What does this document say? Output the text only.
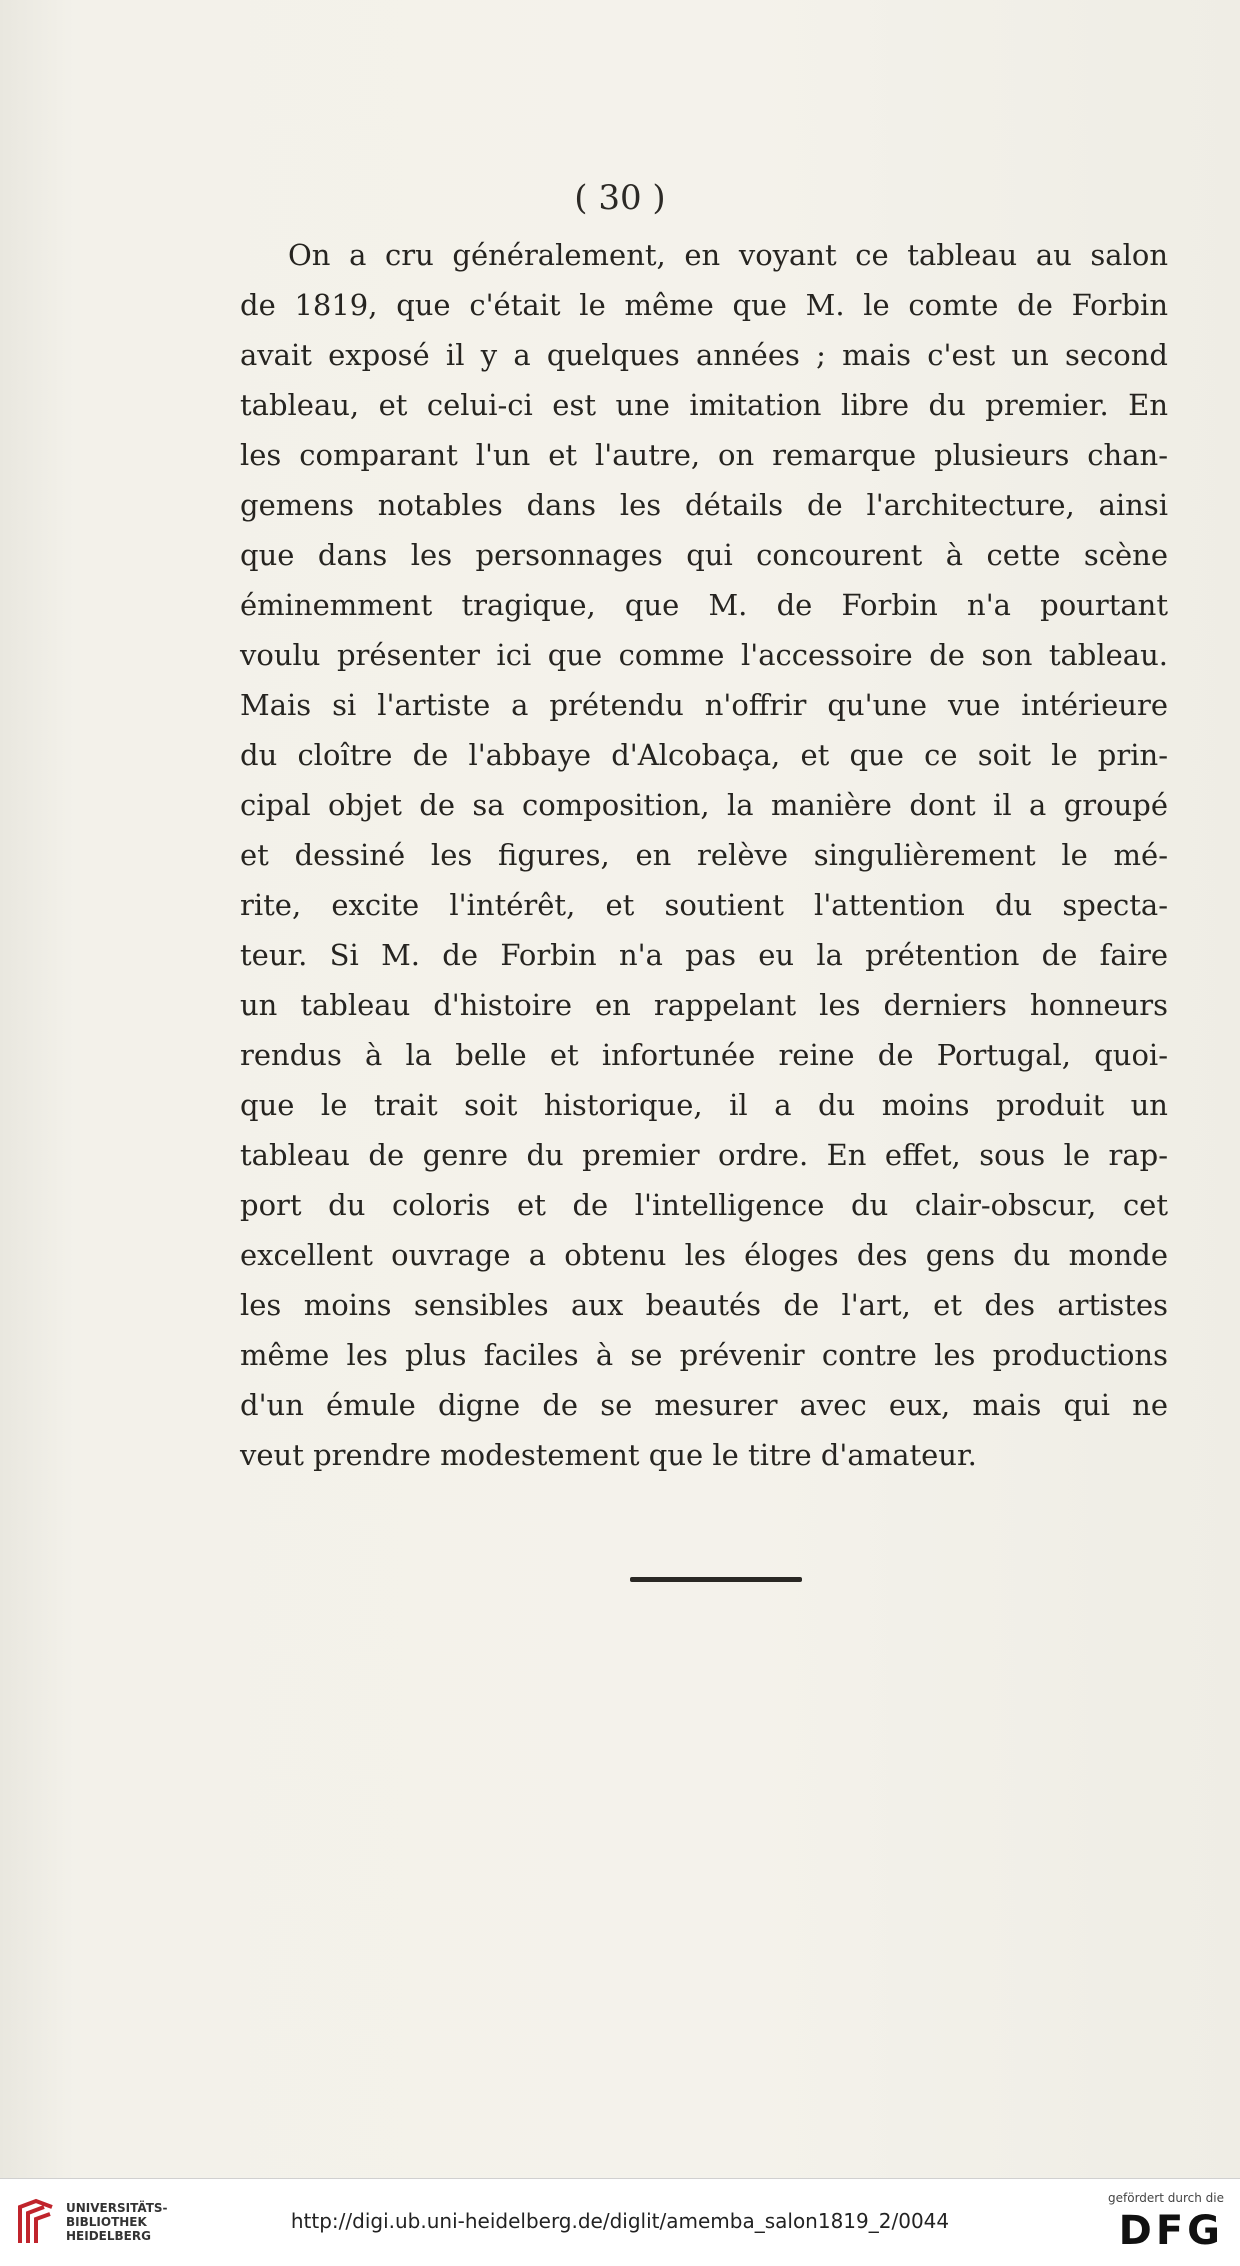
( 30 )
On a cru généralement, en voyant ce tableau au salon
de 1819, que c'était le même que M. le comte de Forbin
avait exposé il y a quelques années ; mais c'est un second
tableau, et celui-ci est une imitation libre du premier. En
les comparant l'un et l'autre, on remarque plusieurs chan-
gemens notables dans les détails de l'architecture, ainsi
que dans les personnages qui concourent à cette scène
éminemment tragique, que M. de Forbin n'a pourtant
voulu présenter ici que comme l'accessoire de son tableau.
Mais si l'artiste a prétendu n'offrir qu'une vue intérieure
du cloître de l'abbaye d'Alcobaça, et que ce soit le prin-
cipal objet de sa composition, la manière dont il a groupé
et dessiné les figures, en relève singulièrement le mé-
rite, excite l'intérêt, et soutient l'attention du specta-
teur. Si M. de Forbin n'a pas eu la prétention de faire
un tableau d'histoire en rappelant les derniers honneurs
rendus à la belle et infortunée reine de Portugal, quoi-
que le trait soit historique, il a du moins produit un
tableau de genre du premier ordre. En effet, sous le rap-
port du coloris et de l'intelligence du clair-obscur, cet
excellent ouvrage a obtenu les éloges des gens du monde
les moins sensibles aux beautés de l'art, et des artistes
même les plus faciles à se prévenir contre les productions
d'un émule digne de se mesurer avec eux, mais qui ne
veut prendre modestement que le titre d'amateur.
UNIVERSITÄTS-
BIBLIOTHEK
HEIDELBERG
http://digi.ub.uni-heidelberg.de/diglit/amemba_salon1819_2/0044
gefördert durch die
DFG
